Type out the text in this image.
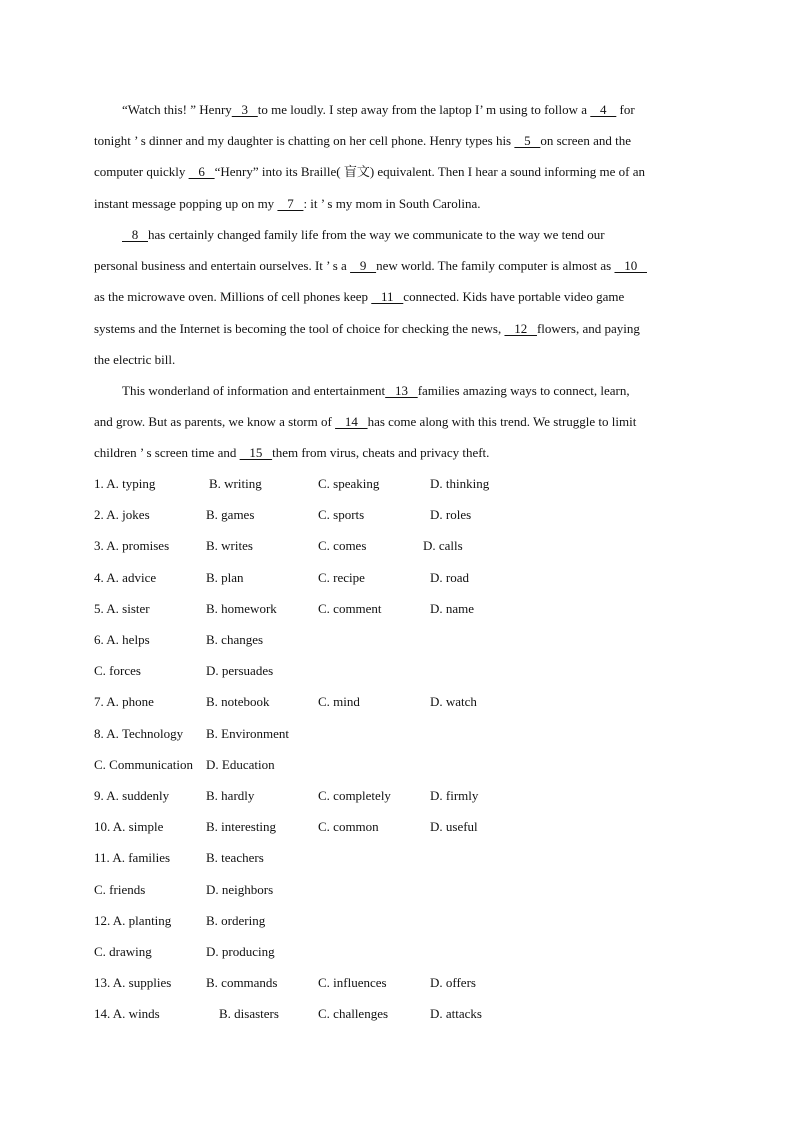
“Watch this! ” Henry   3   to me loudly. I step away from the laptop I’ m using to follow a    4    for
tonight ’ s dinner and my daughter is chatting on her cell phone. Henry types his    5   on screen and the
computer quickly    6   “Henry” into its Braille( 盲文) equivalent. Then I hear a sound informing me of an
instant message popping up on my    7   : it ’ s my mom in South Carolina.
8   has certainly changed family life from the way we communicate to the way we tend our
personal business and entertain ourselves. It ’ s a    9   new world. The family computer is almost as    10
as the microwave oven. Millions of cell phones keep    11   connected. Kids have portable video game
systems and the Internet is becoming the tool of choice for checking the news,    12   flowers, and paying
the electric bill.
This wonderland of information and entertainment   13   families amazing ways to connect, learn,
and grow. But as parents, we know a storm of    14   has come along with this trend. We struggle to limit
children ’ s screen time and    15   them from virus, cheats and privacy theft.
1. A. typing	B. writing	C. speaking	D. thinking
2. A. jokes	B. games	C. sports	D. roles
3. A. promises	B. writes	C. comes	D. calls
4. A. advice	B. plan	C. recipe	D. road
5. A. sister	B. homework	C. comment	D. name
6. A. helps	B. changes
C. forces	D. persuades
7. A. phone	B. notebook	C. mind	D. watch
8. A. Technology B. Environment
C. Communication D. Education
9. A. suddenly	B. hardly	C. completely	D. firmly
10. A. simple	B. interesting	C. common	D. useful
11. A. families	B. teachers
C. friends	D. neighbors
12. A. planting	B. ordering
C. drawing	D. producing
13. A. supplies	B. commands	C. influences	D. offers
14. A. winds	B. disasters	C. challenges	D. attacks
